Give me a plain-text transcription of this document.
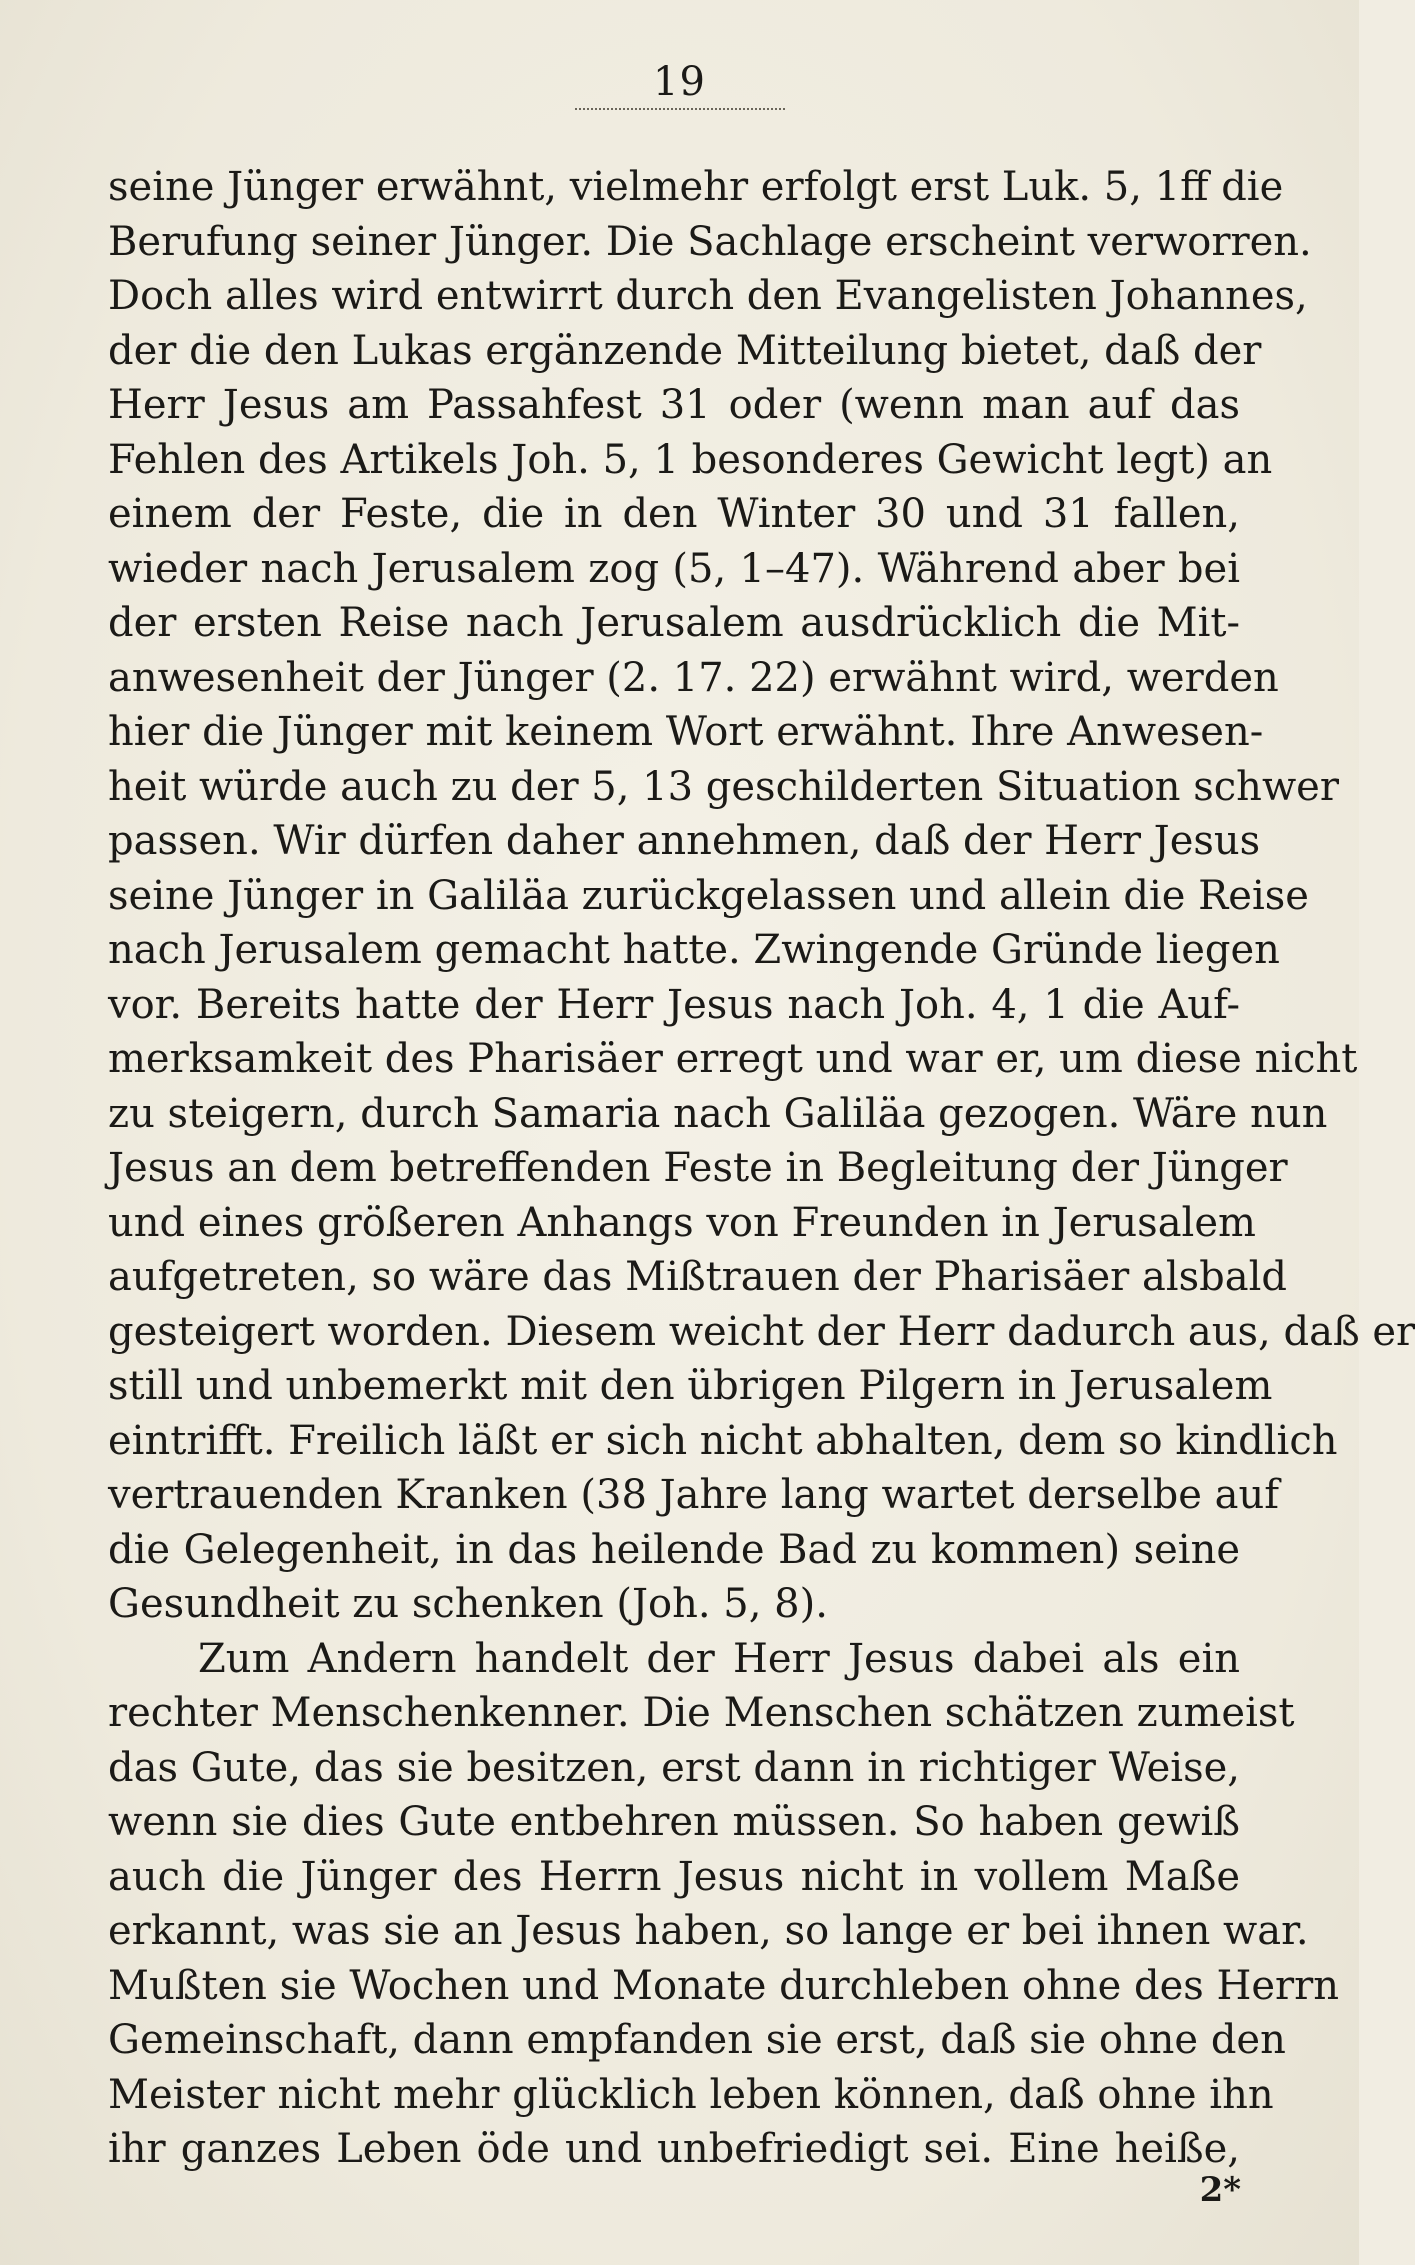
19
seine Jünger erwähnt, vielmehr erfolgt erst Luk. 5, 1ff die
Berufung seiner Jünger. Die Sachlage erscheint verworren.
Doch alles wird entwirrt durch den Evangelisten Johannes,
der die den Lukas ergänzende Mitteilung bietet, daß der
Herr Jesus am Passahfest 31 oder (wenn man auf das
Fehlen des Artikels Joh. 5, 1 besonderes Gewicht legt) an
einem der Feste, die in den Winter 30 und 31 fallen,
wieder nach Jerusalem zog (5, 1–47). Während aber bei
der ersten Reise nach Jerusalem ausdrücklich die Mit-
anwesenheit der Jünger (2. 17. 22) erwähnt wird, werden
hier die Jünger mit keinem Wort erwähnt. Ihre Anwesen-
heit würde auch zu der 5, 13 geschilderten Situation schwer
passen. Wir dürfen daher annehmen, daß der Herr Jesus
seine Jünger in Galiläa zurückgelassen und allein die Reise
nach Jerusalem gemacht hatte. Zwingende Gründe liegen
vor. Bereits hatte der Herr Jesus nach Joh. 4, 1 die Auf-
merksamkeit des Pharisäer erregt und war er, um diese nicht
zu steigern, durch Samaria nach Galiläa gezogen. Wäre nun
Jesus an dem betreffenden Feste in Begleitung der Jünger
und eines größeren Anhangs von Freunden in Jerusalem
aufgetreten, so wäre das Mißtrauen der Pharisäer alsbald
gesteigert worden. Diesem weicht der Herr dadurch aus, daß er
still und unbemerkt mit den übrigen Pilgern in Jerusalem
eintrifft. Freilich läßt er sich nicht abhalten, dem so kindlich
vertrauenden Kranken (38 Jahre lang wartet derselbe auf
die Gelegenheit, in das heilende Bad zu kommen) seine
Gesundheit zu schenken (Joh. 5, 8).
Zum Andern handelt der Herr Jesus dabei als ein
rechter Menschenkenner. Die Menschen schätzen zumeist
das Gute, das sie besitzen, erst dann in richtiger Weise,
wenn sie dies Gute entbehren müssen. So haben gewiß
auch die Jünger des Herrn Jesus nicht in vollem Maße
erkannt, was sie an Jesus haben, so lange er bei ihnen war.
Mußten sie Wochen und Monate durchleben ohne des Herrn
Gemeinschaft, dann empfanden sie erst, daß sie ohne den
Meister nicht mehr glücklich leben können, daß ohne ihn
ihr ganzes Leben öde und unbefriedigt sei. Eine heiße,
2*
